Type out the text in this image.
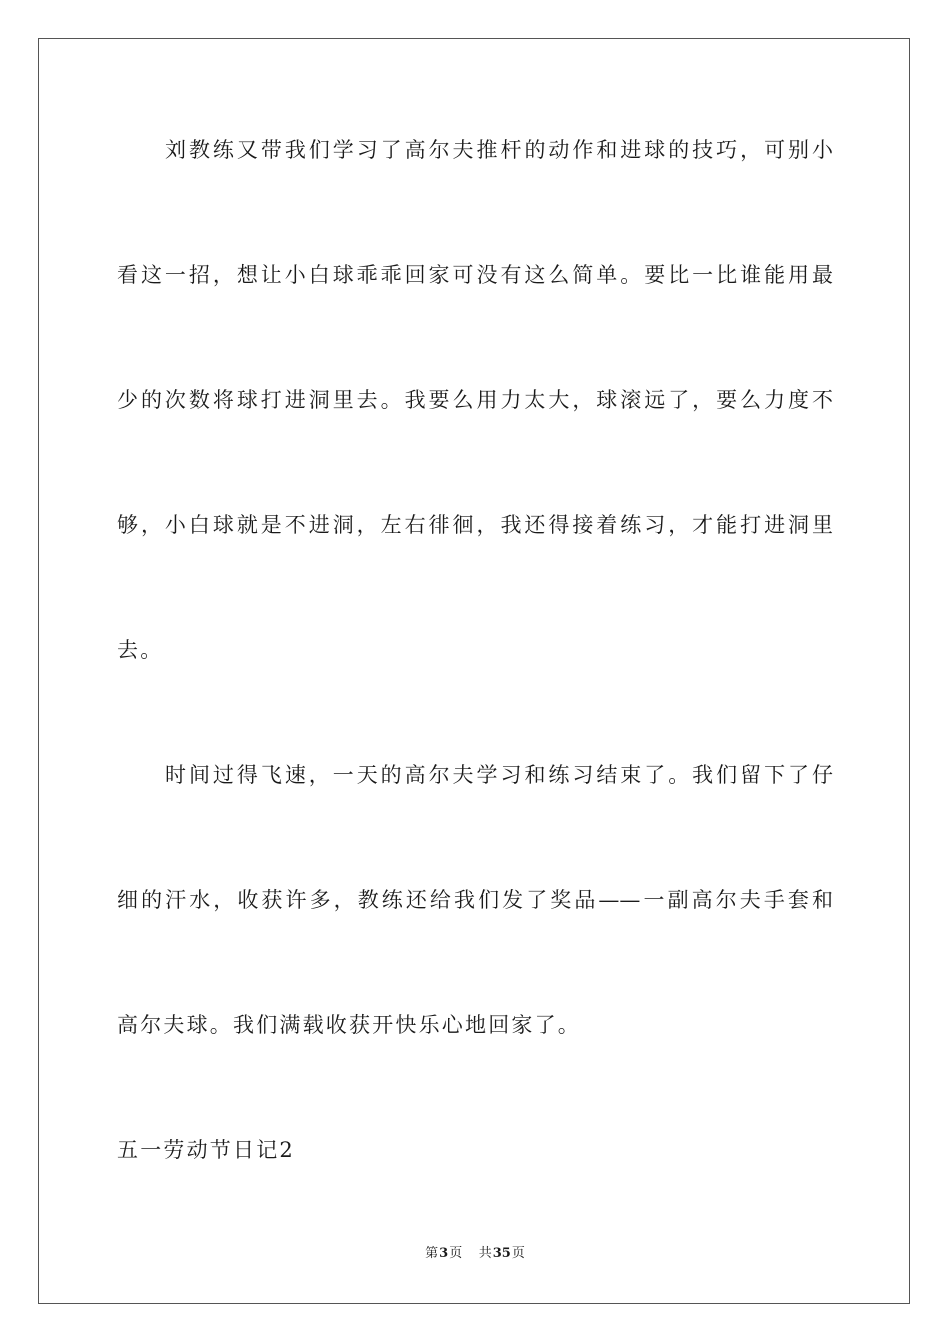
刘教练又带我们学习了高尔夫推杆的动作和进球的技巧，可别小
看这一招，想让小白球乖乖回家可没有这么简单。要比一比谁能用最
少的次数将球打进洞里去。我要么用力太大，球滚远了，要么力度不
够，小白球就是不进洞，左右徘徊，我还得接着练习，才能打进洞里
去。
时间过得飞速，一天的高尔夫学习和练习结束了。我们留下了仔
细的汗水，收获许多，教练还给我们发了奖品——一副高尔夫手套和
高尔夫球。我们满载收获开快乐心地回家了。
五一劳动节日记2
第3页 共35页
